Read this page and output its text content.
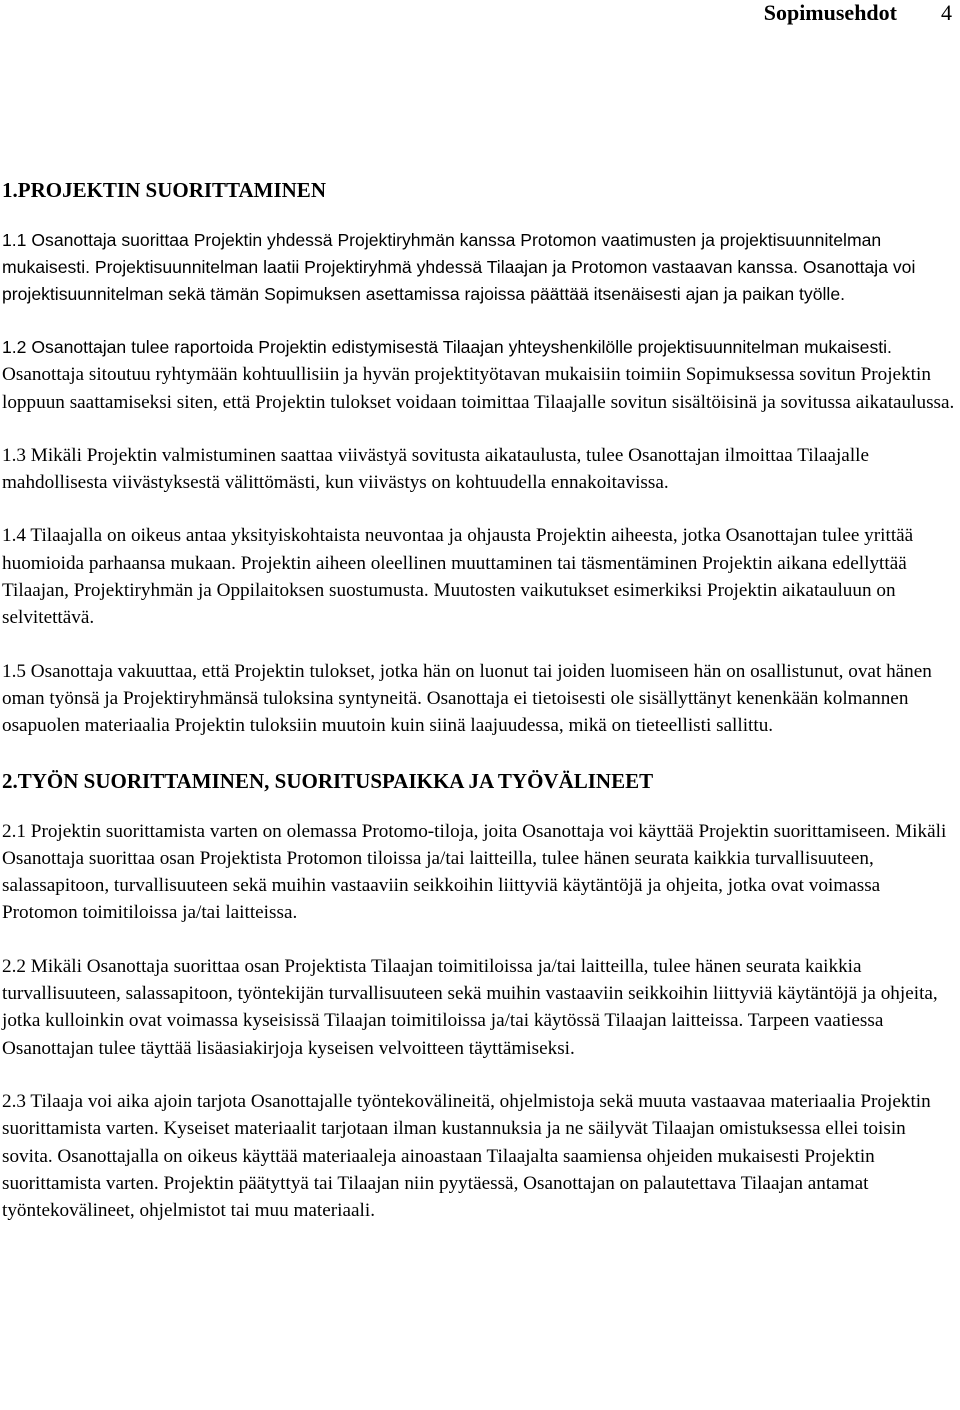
Sopimusehdot 4
1.PROJEKTIN SUORITTAMINEN

1.1 Osanottaja suorittaa Projektin yhdessä Projektiryhmän kanssa Protomon vaatimusten ja projektisuunnitelman mukaisesti. Projektisuunnitelman laatii Projektiryhmä yhdessä Tilaajan ja Protomon vastaavan kanssa. Osanottaja voi projektisuunnitelman sekä tämän Sopimuksen asettamissa rajoissa päättää itsenäisesti ajan ja paikan työlle.

1.2 Osanottajan tulee raportoida Projektin edistymisestä Tilaajan yhteyshenkilölle projektisuunnitelman mukaisesti. Osanottaja sitoutuu ryhtymään kohtuullisiin ja hyvän projektityötavan mukaisiin toimiin Sopimuksessa sovitun Projektin loppuun saattamiseksi siten, että Projektin tulokset voidaan toimittaa Tilaajalle sovitun sisältöisinä ja sovitussa aikataulussa.

1.3 Mikäli Projektin valmistuminen saattaa viivästyä sovitusta aikataulusta, tulee Osanottajan ilmoittaa Tilaajalle mahdollisesta viivästyksestä välittömästi, kun viivästys on kohtuudella ennakoitavissa.

1.4 Tilaajalla on oikeus antaa yksityiskohtaista neuvontaa ja ohjausta Projektin aiheesta, jotka Osanottajan tulee yrittää huomioida parhaansa mukaan. Projektin aiheen oleellinen muuttaminen tai täsmentäminen Projektin aikana edellyttää Tilaajan, Projektiryhmän ja Oppilaitoksen suostumusta. Muutosten vaikutukset esimerkiksi Projektin aikatauluun on selvitettävä.

1.5 Osanottaja vakuuttaa, että Projektin tulokset, jotka hän on luonut tai joiden luomiseen hän on osallistunut, ovat hänen oman työnsä ja Projektiryhmänsä tuloksina syntyneitä. Osanottaja ei tietoisesti ole sisällyttänyt kenenkään kolmannen osapuolen materiaalia Projektin tuloksiin muutoin kuin siinä laajuudessa, mikä on tieteellisti sallittu.

2.TYÖN SUORITTAMINEN, SUORITUSPAIKKA JA TYÖVÄLINEET

2.1 Projektin suorittamista varten on olemassa Protomo-tiloja, joita Osanottaja voi käyttää Projektin suorittamiseen. Mikäli Osanottaja suorittaa osan Projektista Protomon tiloissa ja/tai laitteilla, tulee hänen seurata kaikkia turvallisuuteen, salassapitoon, turvallisuuteen sekä muihin vastaaviin seikkoihin liittyviä käytäntöjä ja ohjeita, jotka ovat voimassa Protomon toimitiloissa ja/tai laitteissa.

2.2 Mikäli Osanottaja suorittaa osan Projektista Tilaajan toimitiloissa ja/tai laitteilla, tulee hänen seurata kaikkia turvallisuuteen, salassapitoon, työntekijän turvallisuuteen sekä muihin vastaaviin seikkoihin liittyviä käytäntöjä ja ohjeita, jotka kulloinkin ovat voimassa kyseisissä Tilaajan toimitiloissa ja/tai käytössä Tilaajan laitteissa. Tarpeen vaatiessa Osanottajan tulee täyttää lisäasiakirjoja kyseisen velvoitteen täyttämiseksi.

2.3 Tilaaja voi aika ajoin tarjota Osanottajalle työntekovälineitä, ohjelmistoja sekä muuta vastaavaa materiaalia Projektin suorittamista varten. Kyseiset materiaalit tarjotaan ilman kustannuksia ja ne säilyvät Tilaajan omistuksessa ellei toisin sovita. Osanottajalla on oikeus käyttää materiaaleja ainoastaan Tilaajalta saamiensa ohjeiden mukaisesti Projektin suorittamista varten. Projektin päätyttyä tai Tilaajan niin pyytäessä, Osanottajan on palautettava Tilaajan antamat työntekovälineet, ohjelmistot tai muu materiaali.
